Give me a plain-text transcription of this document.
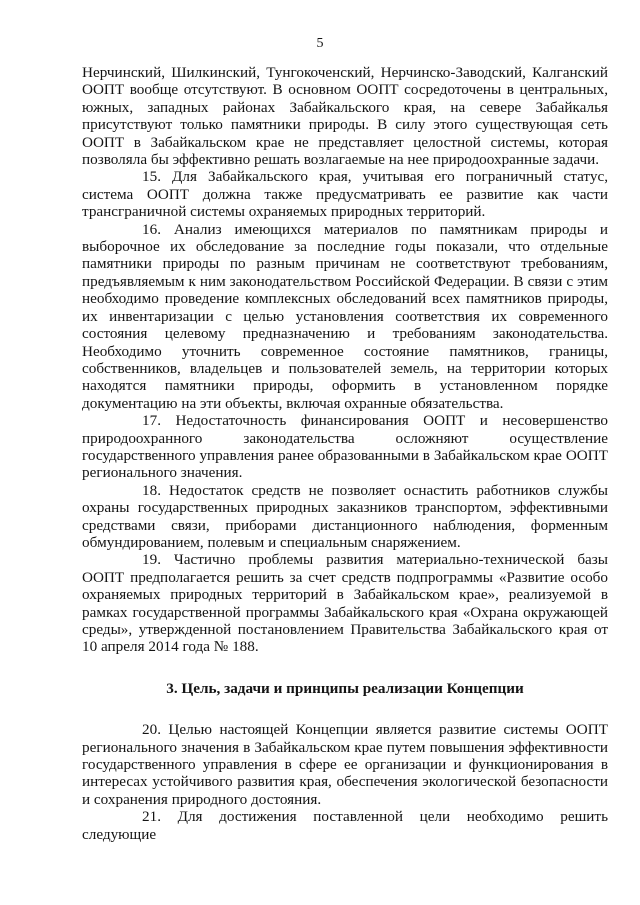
5

Нерчинский, Шилкинский, Тунгокоченский, Нерчинско-Заводский, Калганский ООПТ вообще отсутствуют. В основном ООПТ сосредоточены в центральных, южных, западных районах Забайкальского края, на севере Забайкалья присутствуют только памятники природы. В силу этого существующая сеть ООПТ в Забайкальском крае не представляет целостной системы, которая позволяла бы эффективно решать возлагаемые на нее природоохранные задачи.

15. Для Забайкальского края, учитывая его пограничный статус, система ООПТ должна также предусматривать ее развитие как части трансграничной системы охраняемых природных территорий.

16. Анализ имеющихся материалов по памятникам природы и выборочное их обследование за последние годы показали, что отдельные памятники природы по разным причинам не соответствуют требованиям, предъявляемым к ним законодательством Российской Федерации. В связи с этим необходимо проведение комплексных обследований всех памятников природы, их инвентаризации с целью установления соответствия их современного состояния целевому предназначению и требованиям законодательства. Необходимо уточнить современное состояние памятников, границы, собственников, владельцев и пользователей земель, на территории которых находятся памятники природы, оформить в установленном порядке документацию на эти объекты, включая охранные обязательства.

17. Недостаточность финансирования ООПТ и несовершенство природоохранного законодательства осложняют осуществление государственного управления ранее образованными в Забайкальском крае ООПТ регионального значения.

18. Недостаток средств не позволяет оснастить работников службы охраны государственных природных заказников транспортом, эффективными средствами связи, приборами дистанционного наблюдения, форменным обмундированием, полевым и специальным снаряжением.

19. Частично проблемы развития материально-технической базы ООПТ предполагается решить за счет средств подпрограммы «Развитие особо охраняемых природных территорий в Забайкальском крае», реализуемой в рамках государственной программы Забайкальского края «Охрана окружающей среды», утвержденной постановлением Правительства Забайкальского края от 10 апреля 2014 года № 188.

3. Цель, задачи и принципы реализации Концепции

20. Целью настоящей Концепции является развитие системы ООПТ регионального значения в Забайкальском крае путем повышения эффективности государственного управления в сфере ее организации и функционирования в интересах устойчивого развития края, обеспечения экологической безопасности и сохранения природного достояния.

21. Для достижения поставленной цели необходимо решить следующие
